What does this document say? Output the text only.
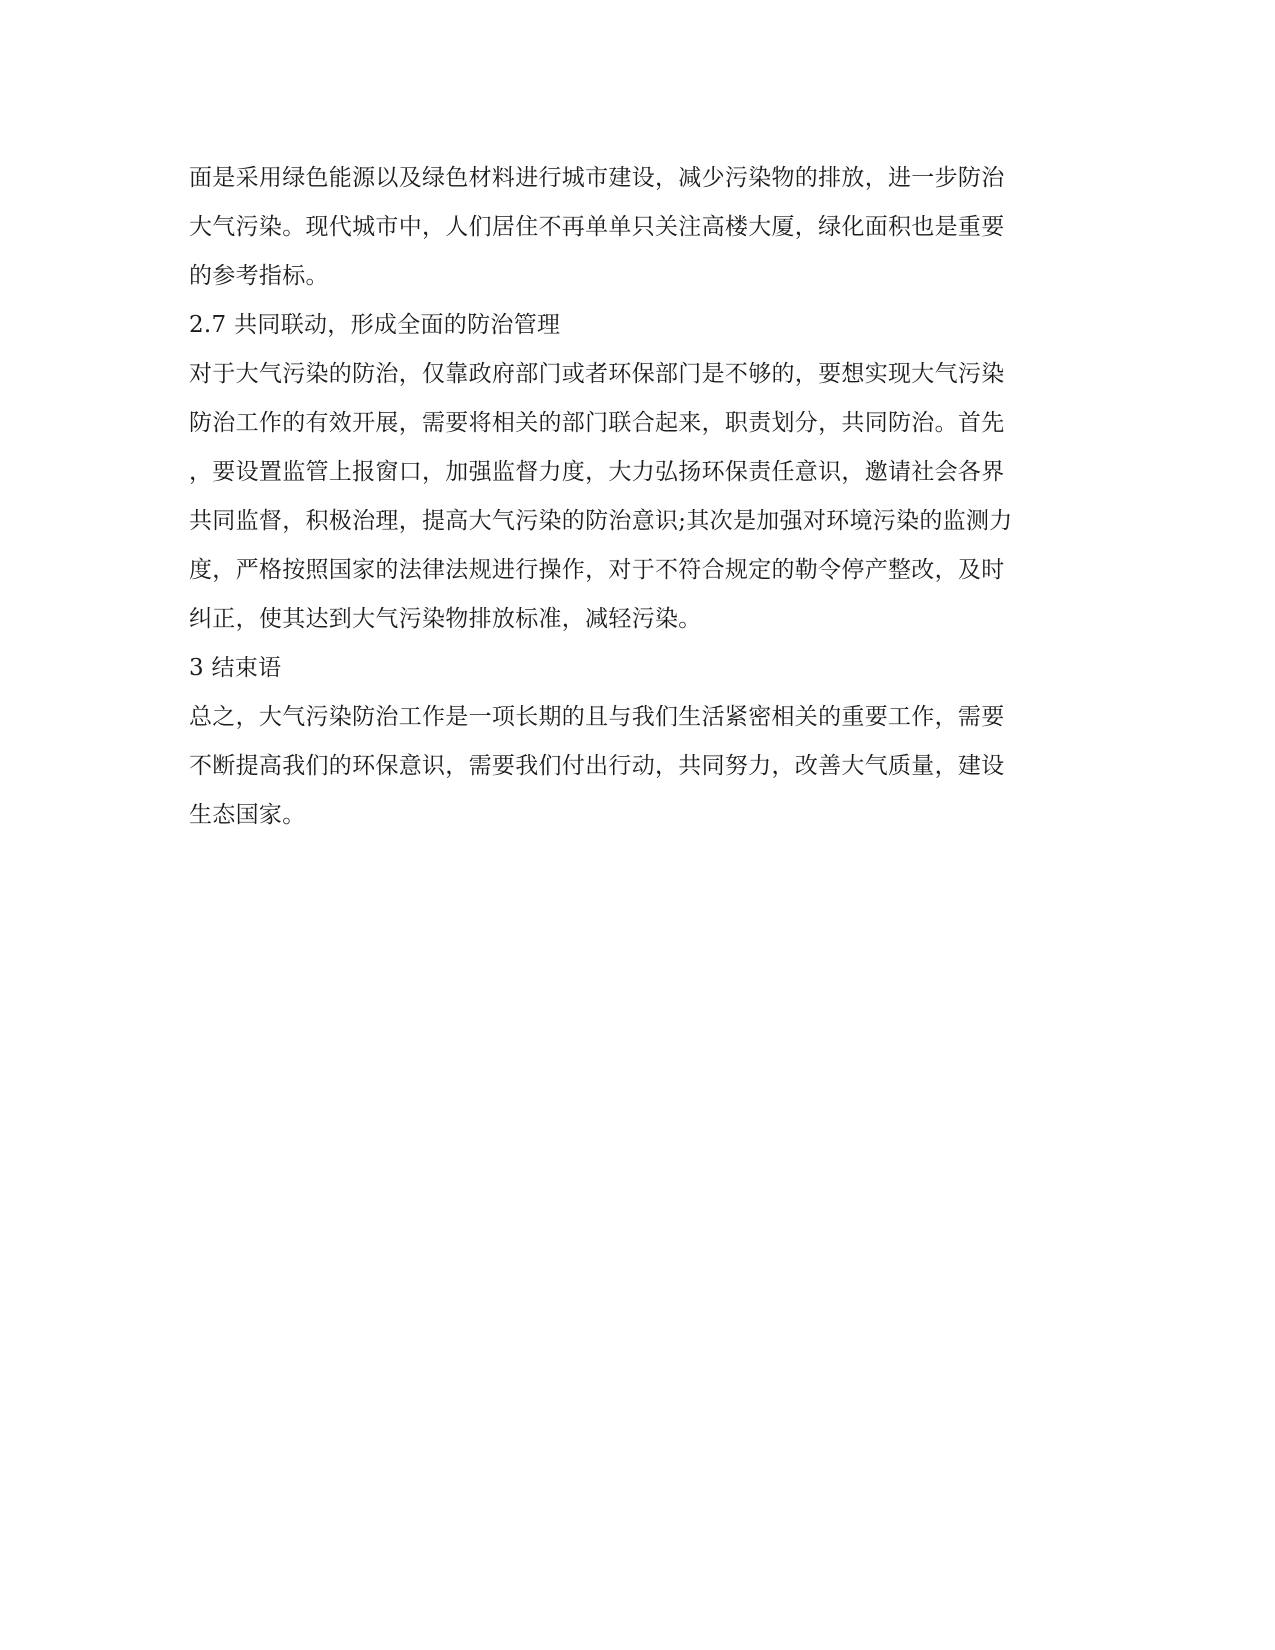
面是采用绿色能源以及绿色材料进行城市建设，减少污染物的排放，进一步防治
大气污染。现代城市中，人们居住不再单单只关注高楼大厦，绿化面积也是重要
的参考指标。
2.7 共同联动，形成全面的防治管理
对于大气污染的防治，仅靠政府部门或者环保部门是不够的，要想实现大气污染
防治工作的有效开展，需要将相关的部门联合起来，职责划分，共同防治。首先
，要设置监管上报窗口，加强监督力度，大力弘扬环保责任意识，邀请社会各界
共同监督，积极治理，提高大气污染的防治意识;其次是加强对环境污染的监测力
度，严格按照国家的法律法规进行操作，对于不符合规定的勒令停产整改，及时
纠正，使其达到大气污染物排放标准，减轻污染。
3 结束语
总之，大气污染防治工作是一项长期的且与我们生活紧密相关的重要工作，需要
不断提高我们的环保意识，需要我们付出行动，共同努力，改善大气质量，建设
生态国家。
